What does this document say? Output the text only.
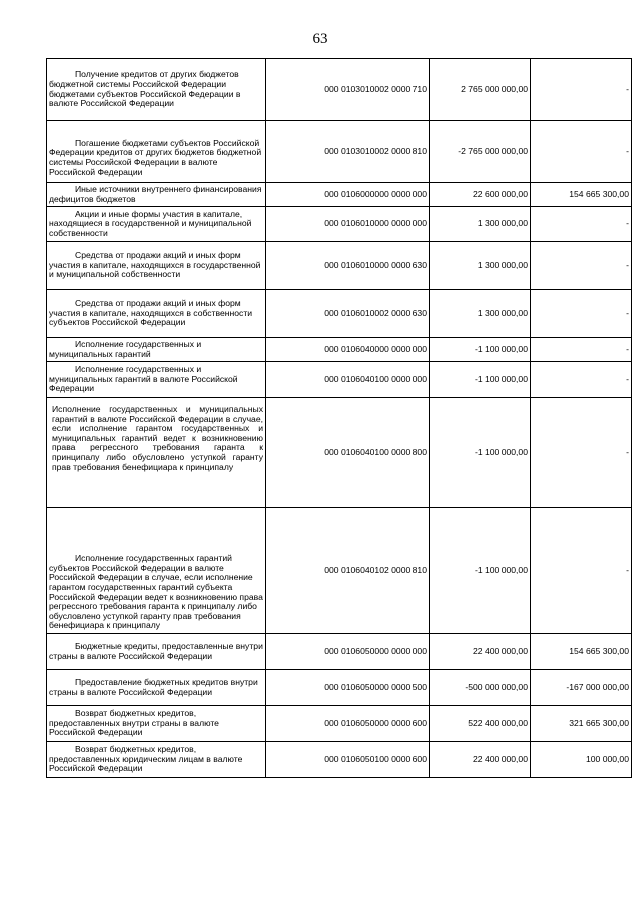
63
Получение кредитов от других бюджетов бюджетной системы Российской Федерации бюджетами субъектов Российской Федерации в валюте Российской Федерации	000 0103010002 0000 710	2 765 000 000,00	-
Погашение бюджетами субъектов Российской Федерации кредитов от других бюджетов бюджетной системы Российской Федерации в валюте Российской Федерации	000 0103010002 0000 810	-2 765 000 000,00	-
Иные источники внутреннего финансирования дефицитов бюджетов	000 0106000000 0000 000	22 600 000,00	154 665 300,00
Акции и иные формы участия в капитале, находящиеся в государственной и муниципальной собственности	000 0106010000 0000 000	1 300 000,00	-
Средства от продажи акций и иных форм участия в капитале, находящихся в государственной и муниципальной собственности	000 0106010000 0000 630	1 300 000,00	-
Средства от продажи акций и иных форм участия в капитале, находящихся в собственности субъектов Российской Федерации	000 0106010002 0000 630	1 300 000,00	-
Исполнение государственных и муниципальных гарантий	000 0106040000 0000 000	-1 100 000,00	-
Исполнение государственных и муниципальных гарантий в валюте Российской Федерации	000 0106040100 0000 000	-1 100 000,00	-
Исполнение государственных и муниципальных гарантий в валюте Российской Федерации в случае, если исполнение гарантом государственных и муниципальных гарантий ведет к возникновению права регрессного требования гаранта к принципалу либо обусловлено уступкой гаранту прав требования бенефициара к принципалу	000 0106040100 0000 800	-1 100 000,00	-
Исполнение государственных гарантий субъектов Российской Федерации в валюте Российской Федерации в случае, если исполнение гарантом государственных гарантий субъекта Российской Федерации ведет к возникновению права регрессного требования гаранта к принципалу либо обусловлено уступкой гаранту прав требования бенефициара к принципалу	000 0106040102 0000 810	-1 100 000,00	-
Бюджетные кредиты, предоставленные внутри страны в валюте Российской Федерации	000 0106050000 0000 000	22 400 000,00	154 665 300,00
Предоставление бюджетных кредитов внутри страны в валюте Российской Федерации	000 0106050000 0000 500	-500 000 000,00	-167 000 000,00
Возврат бюджетных кредитов, предоставленных внутри страны в валюте Российской Федерации	000 0106050000 0000 600	522 400 000,00	321 665 300,00
Возврат бюджетных кредитов, предоставленных юридическим лицам в валюте Российской Федерации	000 0106050100 0000 600	22 400 000,00	100 000,00
